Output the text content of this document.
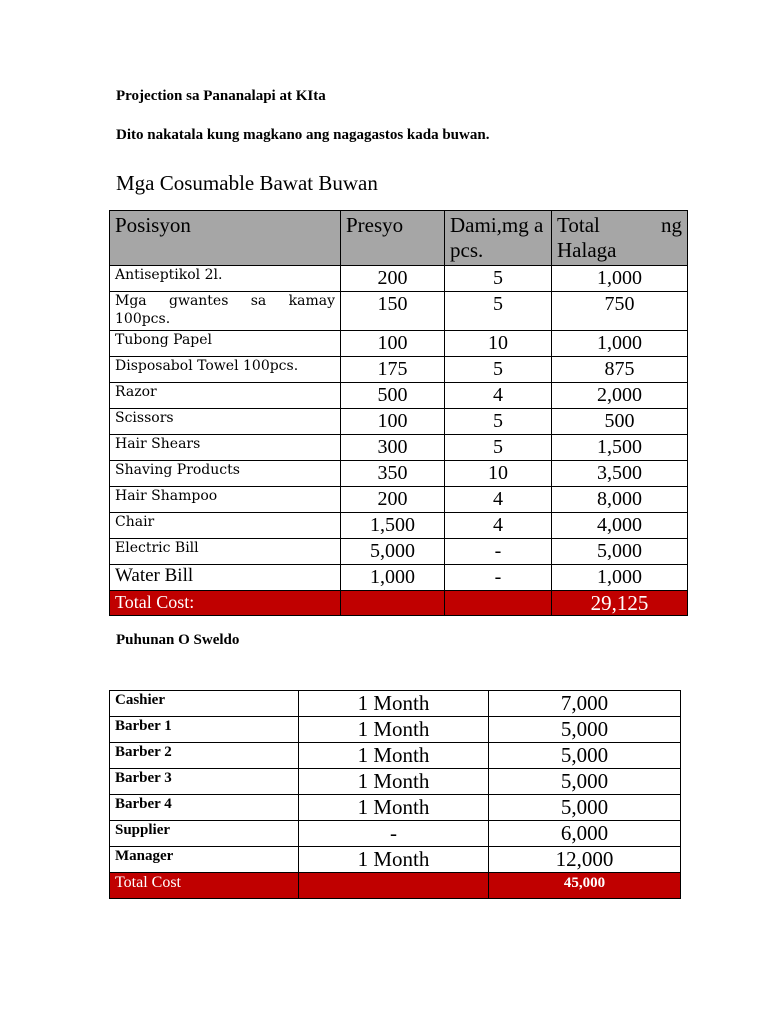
Projection sa Pananalapi at KIta
Dito nakatala kung magkano ang nagagastos kada buwan.
Mga Cosumable Bawat Buwan
Posisyon	Presyo	Dami,mg a pcs.	Total ng Halaga
Antiseptikol 2l.	200	5	1,000
Mga gwantes sa kamay 100pcs.	150	5	750
Tubong Papel	100	10	1,000
Disposabol Towel 100pcs.	175	5	875
Razor	500	4	2,000
Scissors	100	5	500
Hair Shears	300	5	1,500
Shaving Products	350	10	3,500
Hair Shampoo	200	4	8,000
Chair	1,500	4	4,000
Electric Bill	5,000	-	5,000
Water Bill	1,000	-	1,000
Total Cost:			29,125
Puhunan O Sweldo
Cashier	1 Month	7,000
Barber 1	1 Month	5,000
Barber 2	1 Month	5,000
Barber 3	1 Month	5,000
Barber 4	1 Month	5,000
Supplier	-	6,000
Manager	1 Month	12,000
Total Cost		45,000
